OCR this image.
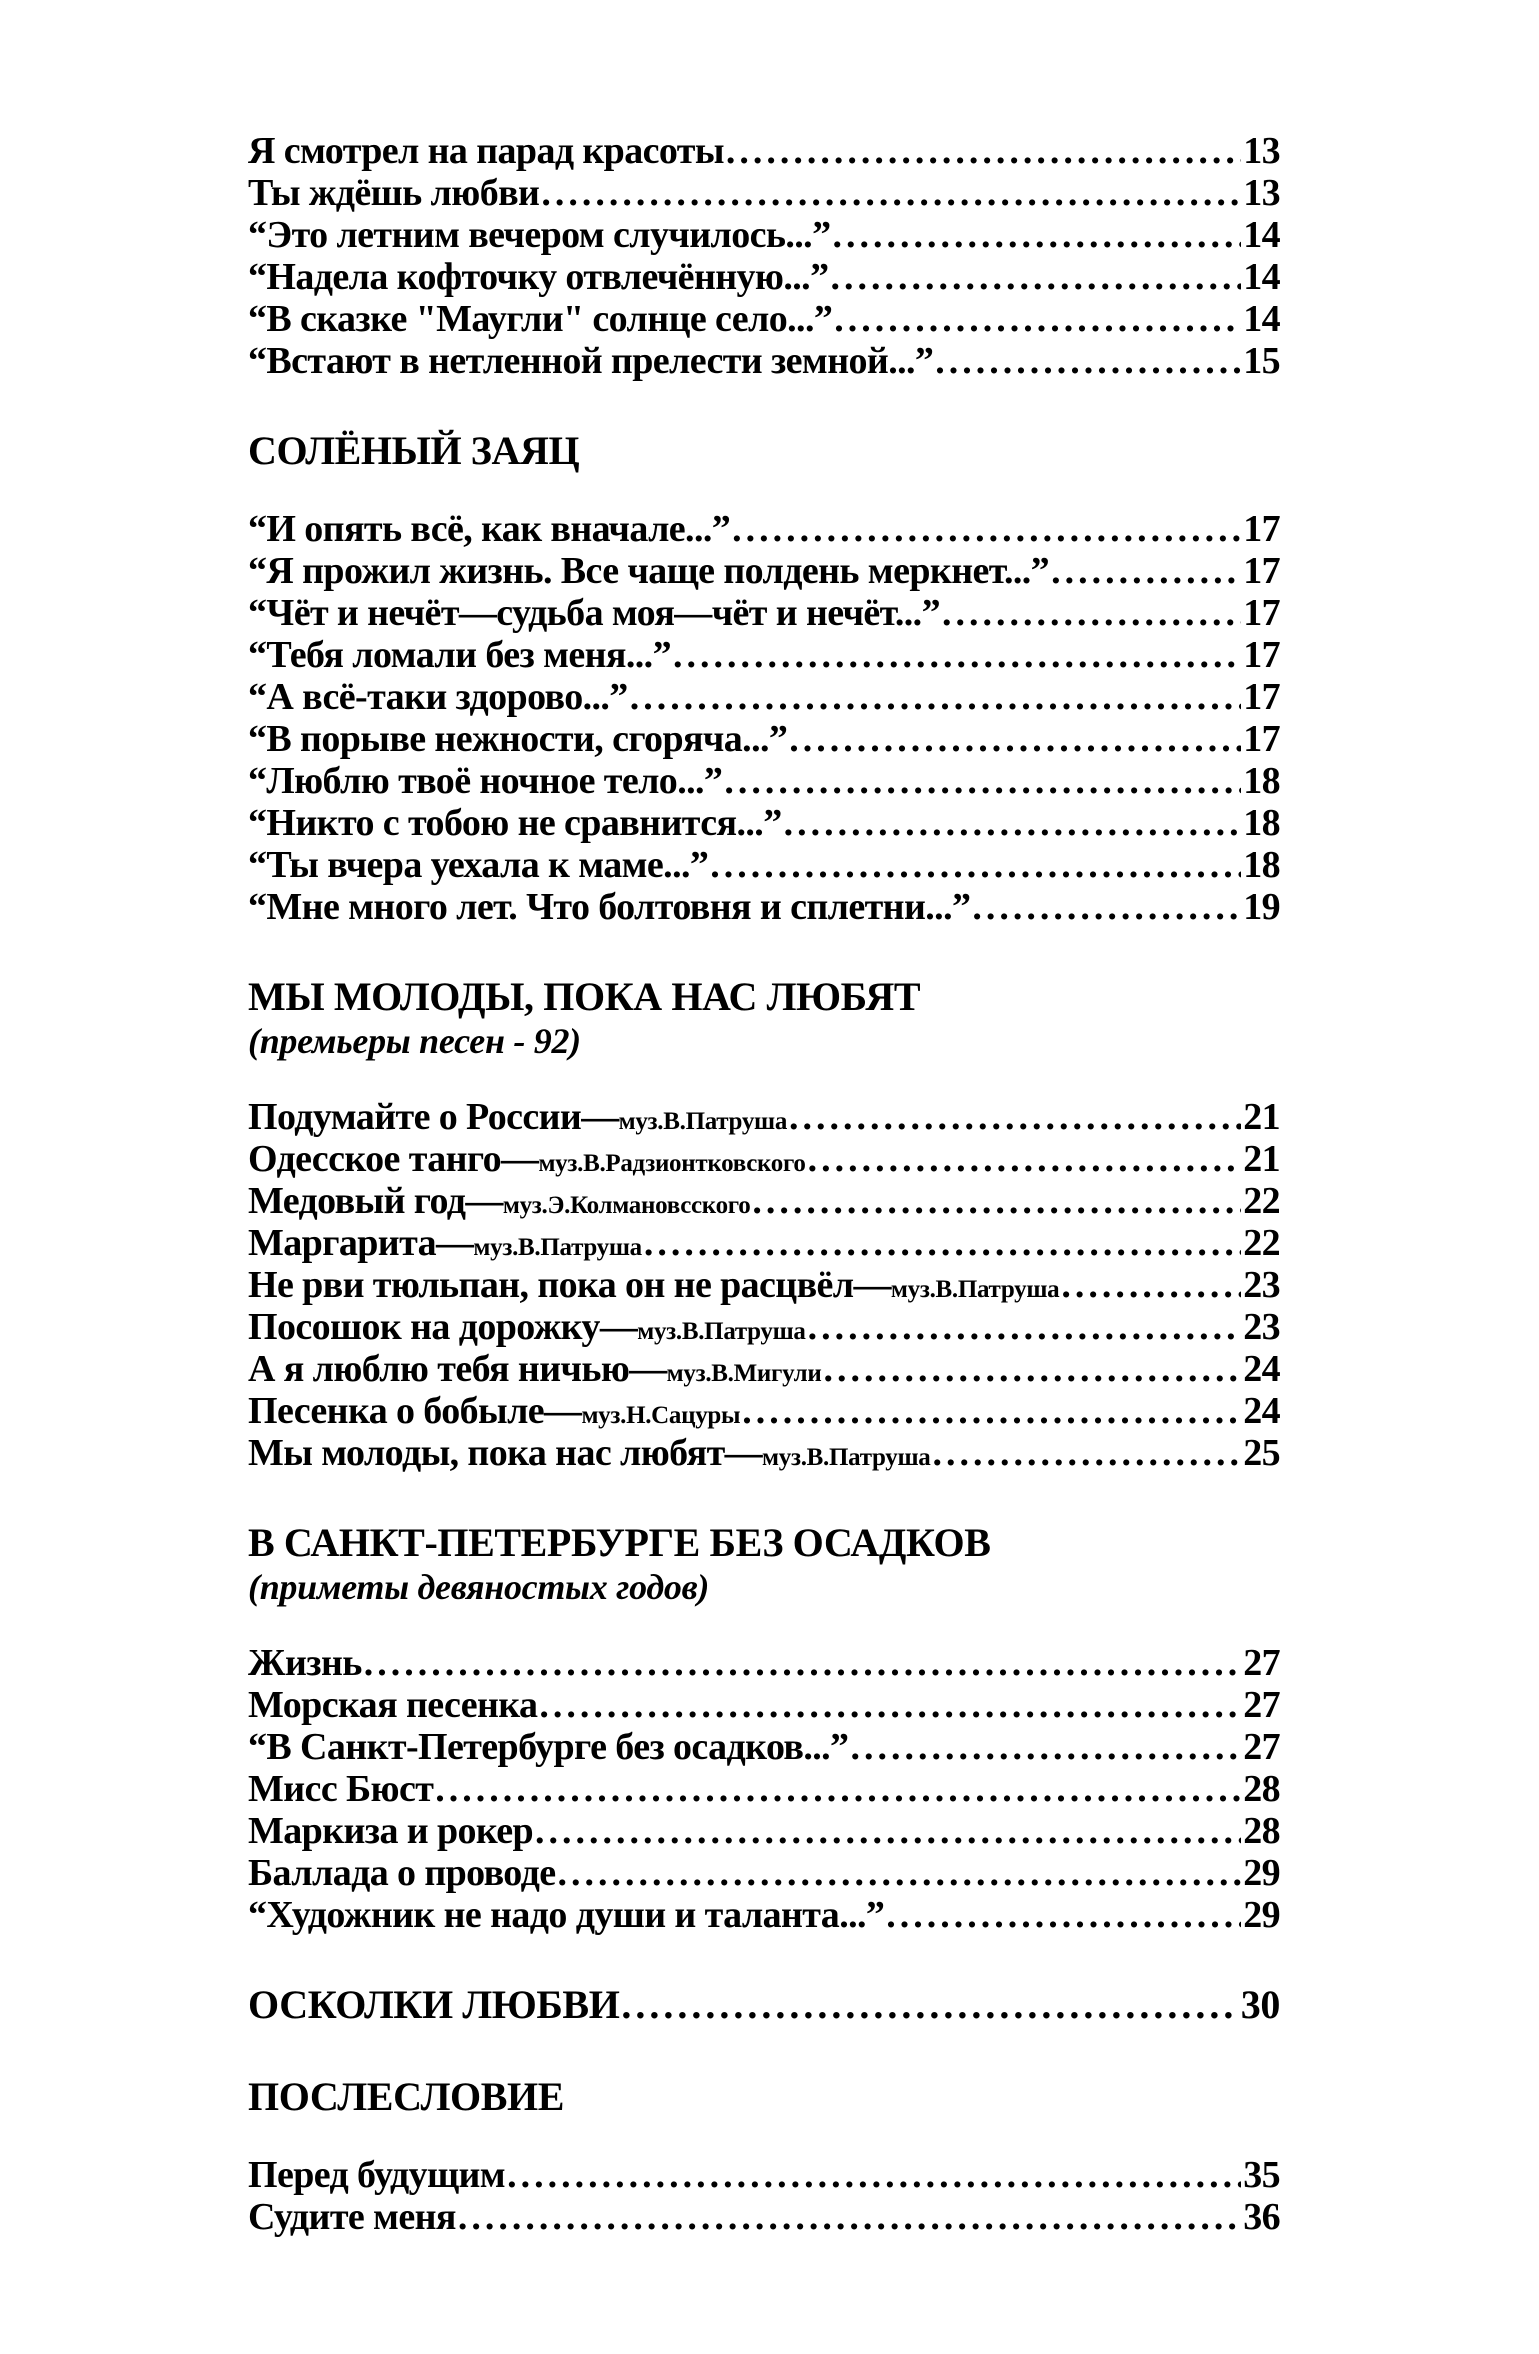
Я смотрел на парад красоты .....	13
Ты ждёшь любви .....	13
“Это летним вечером случилось...” .....	14
“Надела кофточку отвлечённую...” .....	14
“В сказке "Маугли" солнце село...” .....	14
“Встают в нетленной прелести земной...” .....	15
СОЛЁНЫЙ ЗАЯЦ
“И опять всё, как вначале...” .....	17
“Я прожил жизнь. Все чаще полдень меркнет...” .....	17
“Чёт и нечёт—судьба моя—чёт и нечёт...” .....	17
“Тебя ломали без меня...” .....	17
“А всё-таки здорово...” .....	17
“В порыве нежности, сгоряча...” .....	17
“Люблю твоё ночное тело...” .....	18
“Никто с тобою не сравнится...” .....	18
“Ты вчера уехала к маме...” .....	18
“Мне много лет. Что болтовня и сплетни...” .....	19
МЫ МОЛОДЫ, ПОКА НАС ЛЮБЯТ
(премьеры песен - 92)
Подумайте о России— муз.В.Патруша .....	21
Одесское танго— муз.В.Радзионтковского .....	21
Медовый год— муз.Э.Колмановсского .....	22
Маргарита— муз.В.Патруша .....	22
Не рви тюльпан, пока он не расцвёл— муз.В.Патруша .....	23
Посошок на дорожку— муз.В.Патруша .....	23
А я люблю тебя ничью— муз.В.Мигули .....	24
Песенка о бобыле— муз.Н.Сацуры .....	24
Мы молоды, пока нас любят— муз.В.Патруша .....	25
В САНКТ-ПЕТЕРБУРГЕ БЕЗ ОСАДКОВ
(приметы девяностых годов)
Жизнь .....	27
Морская песенка .....	27
“В Санкт-Петербурге без осадков...” .....	27
Мисс Бюст .....	28
Маркиза и рокер .....	28
Баллада о проводе .....	29
“Художник не надо души и таланта...” .....	29
ОСКОЛКИ ЛЮБВИ .....	30
ПОСЛЕСЛОВИЕ
Перед будущим .....	35
Судите меня .....	36
